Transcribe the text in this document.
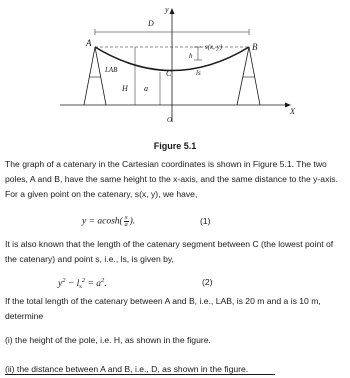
A	B
C
D
H a
LAB
s(x, y)
h
ls
X
y
O
Figure 5.1
The graph of a catenary in the Cartesian coordinates is shown in Figure 5.1. The two poles, A and B, have the same height to the x-axis, and the same distance to the y-axis. For a given point on the catenary, s(x, y), we have,
$y = acosh( \frac{x}{a}$ ).	(1)
It is also known that the length of the catenary segment between C (the lowest point of the catenary) and point s, i.e., ls, is given by,
$y^2 - l_s^2 = a^2$.	(2)
If the total length of the catenary between A and B, i.e., LAB, is 20 m and a is 10 m, determine
(i) the height of the pole, i.e. H, as shown in the figure.
(ii) the distance between A and B, i.e., D, as shown in the figure.
